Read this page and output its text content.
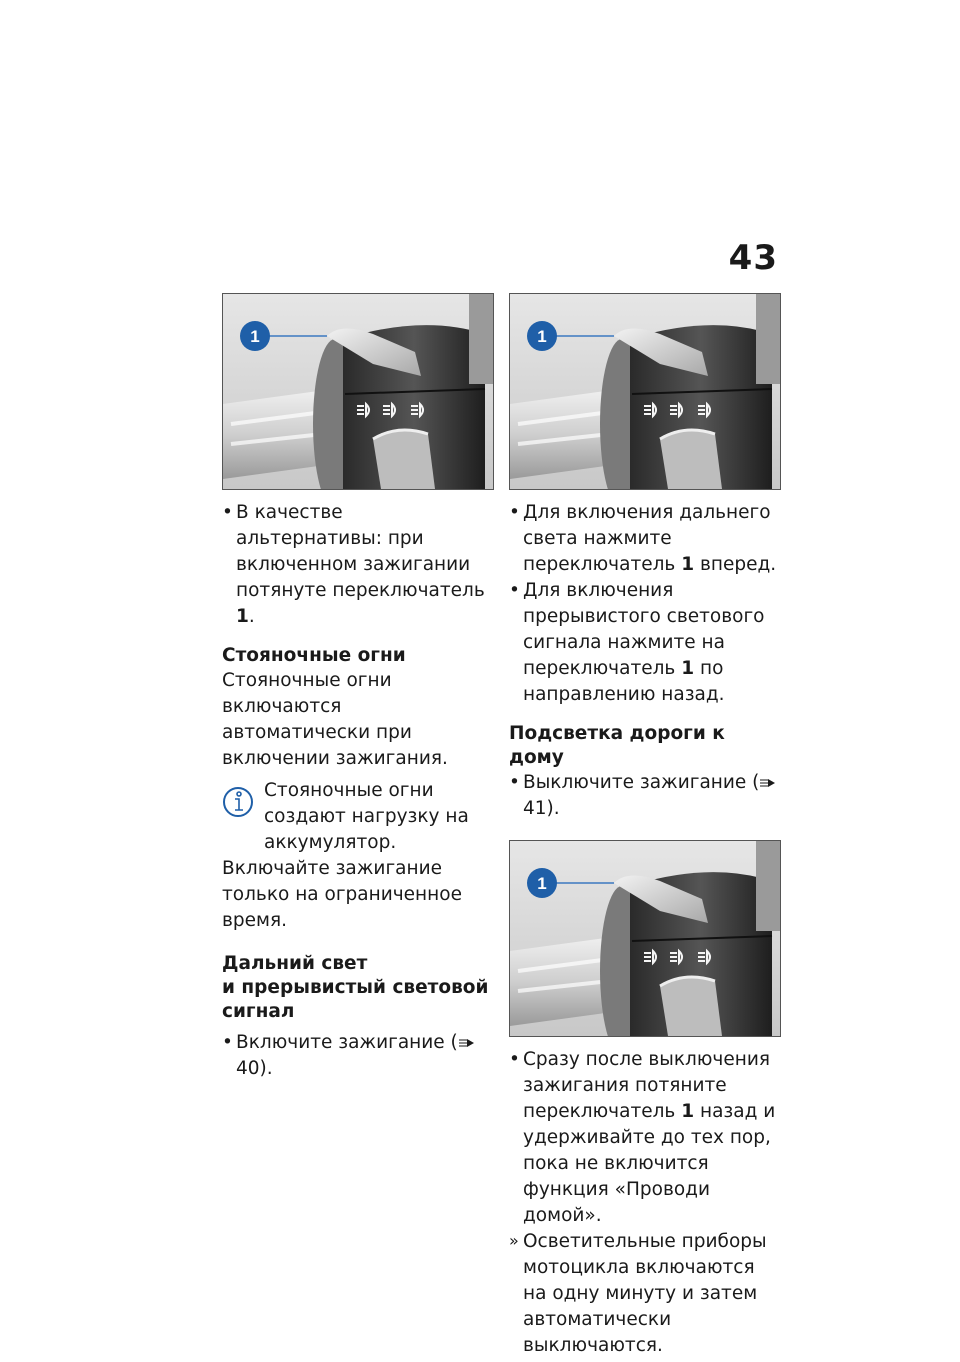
43
1

• В качестве альтернативы: при включенном зажигании потянуте переключатель 1.

Стояночные огни

Стояночные огни включаются автоматически при включении зажигания.

Стояночные огни создают нагрузку на аккумулятор.

Включайте зажигание только на ограниченное время.

Дальний свет
и прерывистый световой сигнал

• Включите зажигание (40).

1

• Для включения дальнего света нажмите переключатель 1 вперед.

• Для включения прерывистого светового сигнала нажмите на переключатель 1 по направлению назад.

Подсветка дороги к дому

• Выключите зажигание (41).

1

• Сразу после выключения зажигания потяните переключатель 1 назад и удерживайте до тех пор, пока не включится функция «Проводи домой».

» Осветительные приборы мотоцикла включаются на одну минуту и затем автоматически выключаются.
